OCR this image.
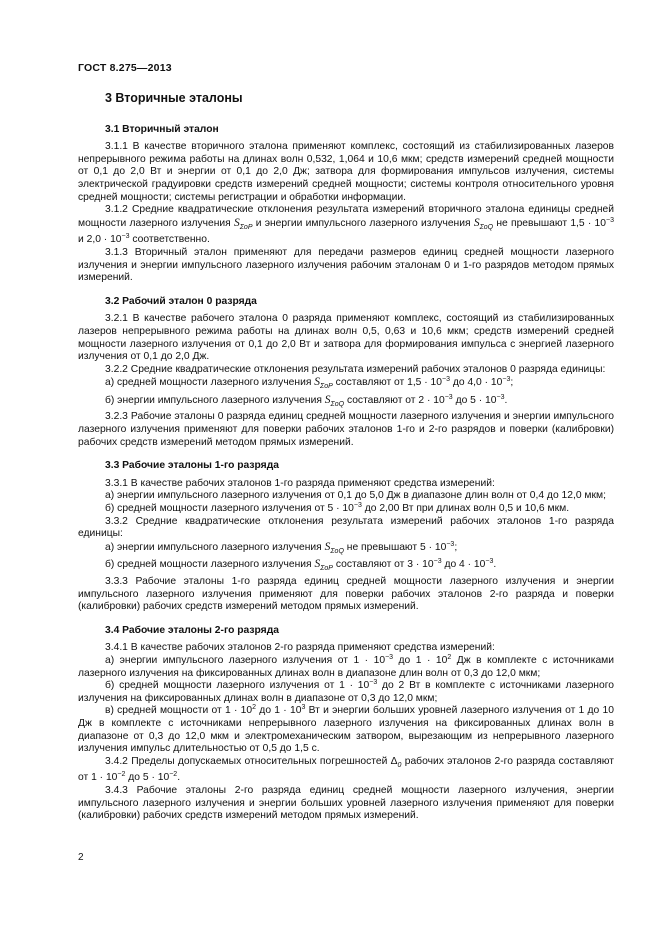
ГОСТ 8.275—2013
3 Вторичные эталоны
3.1 Вторичный эталон

3.1.1 В качестве вторичного эталона применяют комплекс, состоящий из стабилизированных лазеров непрерывного режима работы на длинах волн 0,532, 1,064 и 10,6 мкм; средств измерений средней мощности от 0,1 до 2,0 Вт и энергии от 0,1 до 2,0 Дж; затвора для формирования импульсов излучения, системы электрической градуировки средств измерений средней мощности; системы контроля относительного уровня средней мощности; системы регистрации и обработки информации.

3.1.2 Средние квадратические отклонения результата измерений вторичного эталона единицы средней мощности лазерного излучения $S_{\Sigma оP}$ и энергии импульсного лазерного излучения $S_{\Sigma оQ}$ не превышают $1,5 \cdot 10^{-3}$ и $2,0 \cdot 10^{-3}$ соответственно.

3.1.3 Вторичный эталон применяют для передачи размеров единиц средней мощности лазерного излучения и энергии импульсного лазерного излучения рабочим эталонам 0 и 1-го разрядов методом прямых измерений.

3.2 Рабочий эталон 0 разряда

3.2.1 В качестве рабочего эталона 0 разряда применяют комплекс, состоящий из стабилизированных лазеров непрерывного режима работы на длинах волн 0,5, 0,63 и 10,6 мкм; средств измерений средней мощности лазерного излучения от 0,1 до 2,0 Вт и затвора для формирования импульса с энергией лазерного излучения от 0,1 до 2,0 Дж.

3.2.2 Средние квадратические отклонения результата измерений рабочих эталонов 0 разряда единицы:

а) средней мощности лазерного излучения $S_{\Sigma оP}$ составляют от $1,5 \cdot 10^{-3}$ до $4,0 \cdot 10^{-3}$;

б) энергии импульсного лазерного излучения $S_{\Sigma оQ}$ составляют от $2 \cdot 10^{-3}$ до $5 \cdot 10^{-3}$.

3.2.3 Рабочие эталоны 0 разряда единиц средней мощности лазерного излучения и энергии импульсного лазерного излучения применяют для поверки рабочих эталонов 1-го и 2-го разрядов и поверки (калибровки) рабочих средств измерений методом прямых измерений.

3.3 Рабочие эталоны 1-го разряда

3.3.1 В качестве рабочих эталонов 1-го разряда применяют средства измерений:

а) энергии импульсного лазерного излучения от 0,1 до 5,0 Дж в диапазоне длин волн от 0,4 до 12,0 мкм;

б) средней мощности лазерного излучения от $5 \cdot 10^{-3}$ до 2,00 Вт при длинах волн 0,5 и 10,6 мкм.

3.3.2 Средние квадратические отклонения результата измерений рабочих эталонов 1-го разряда единицы:

а) энергии импульсного лазерного излучения $S_{\Sigma оQ}$ не превышают $5 \cdot 10^{-3}$;

б) средней мощности лазерного излучения $S_{\Sigma оP}$ составляют от $3 \cdot 10^{-3}$ до $4 \cdot 10^{-3}$.

3.3.3 Рабочие эталоны 1-го разряда единиц средней мощности лазерного излучения и энергии импульсного лазерного излучения применяют для поверки рабочих эталонов 2-го разряда и поверки (калибровки) рабочих средств измерений методом прямых измерений.

3.4 Рабочие эталоны 2-го разряда

3.4.1 В качестве рабочих эталонов 2-го разряда применяют средства измерений:

а) энергии импульсного лазерного излучения от $1 \cdot 10^{-3}$ до $1 \cdot 10^2$ Дж в комплекте с источниками лазерного излучения на фиксированных длинах волн в диапазоне длин волн от 0,3 до 12,0 мкм;

б) средней мощности лазерного излучения от $1 \cdot 10^{-3}$ до 2 Вт в комплекте с источниками лазерного излучения на фиксированных длинах волн в диапазоне от 0,3 до 12,0 мкм;

в) средней мощности от $1 \cdot 10^2$ до $1 \cdot 10^3$ Вт и энергии больших уровней лазерного излучения от 1 до 10 Дж в комплекте с источниками непрерывного лазерного излучения на фиксированных длинах волн в диапазоне от 0,3 до 12,0 мкм и электромеханическим затвором, вырезающим из непрерывного лазерного излучения импульс длительностью от 0,5 до 1,5 с.

3.4.2 Пределы допускаемых относительных погрешностей $\Delta_0$ рабочих эталонов 2-го разряда составляют от $1 \cdot 10^{-2}$ до $5 \cdot 10^{-2}$.

3.4.3 Рабочие эталоны 2-го разряда единиц средней мощности лазерного излучения, энергии импульсного лазерного излучения и энергии больших уровней лазерного излучения применяют для поверки (калибровки) рабочих средств измерений методом прямых измерений.

2
